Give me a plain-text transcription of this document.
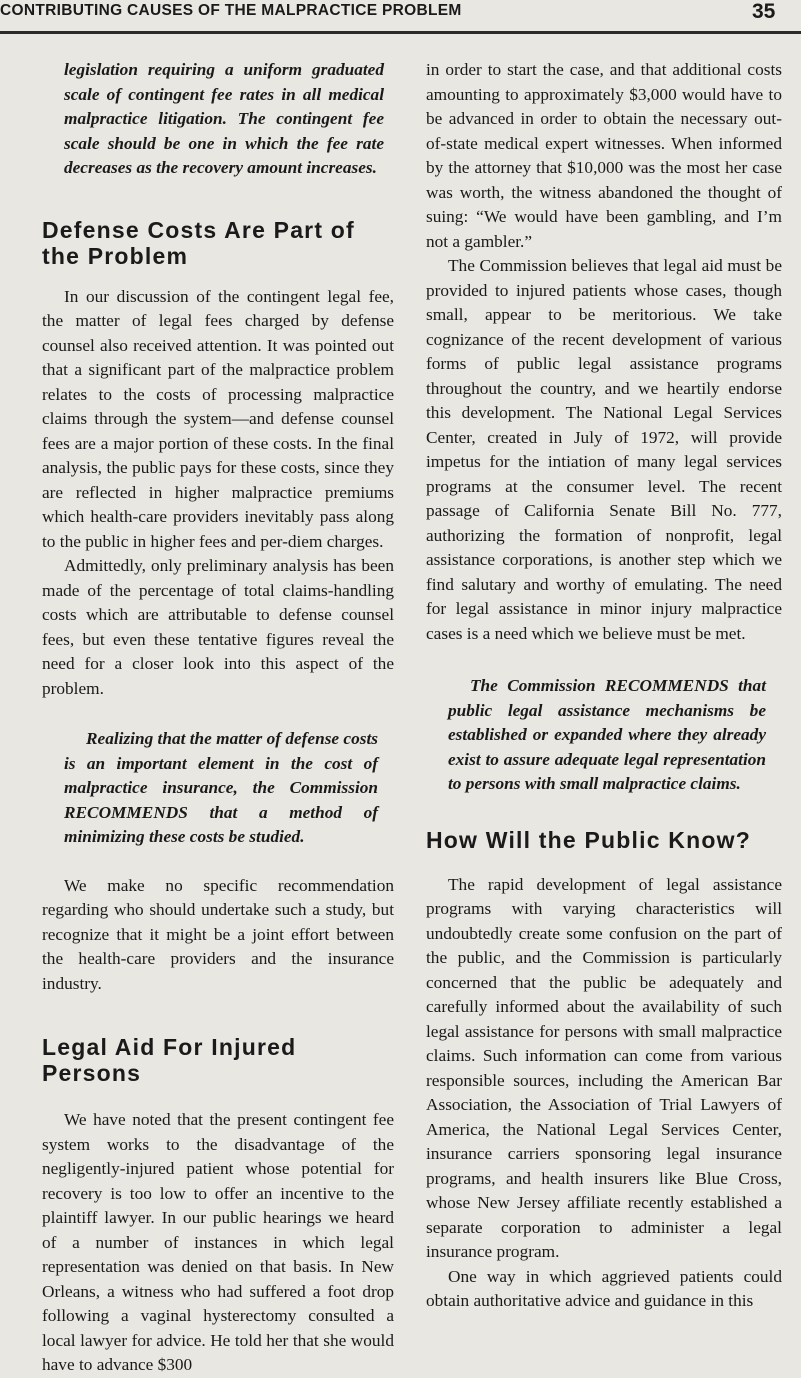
CONTRIBUTING CAUSES OF THE MALPRACTICE PROBLEM	35

legislation requiring a uniform graduated scale of contingent fee rates in all medical malpractice litigation. The contingent fee scale should be one in which the fee rate decreases as the recovery amount increases.

Defense Costs Are Part of the Problem

In our discussion of the contingent legal fee, the matter of legal fees charged by defense counsel also received attention. It was pointed out that a significant part of the malpractice problem relates to the costs of processing malpractice claims through the system—and defense counsel fees are a major portion of these costs. In the final analysis, the public pays for these costs, since they are reflected in higher malpractice premiums which health-care providers inevitably pass along to the public in higher fees and per-diem charges.

Admittedly, only preliminary analysis has been made of the percentage of total claims-handling costs which are attributable to defense counsel fees, but even these tentative figures reveal the need for a closer look into this aspect of the problem.

Realizing that the matter of defense costs is an important element in the cost of malpractice insurance, the Commission RECOMMENDS that a method of minimizing these costs be studied.

We make no specific recommendation regarding who should undertake such a study, but recognize that it might be a joint effort between the health-care providers and the insurance industry.

Legal Aid For Injured Persons

We have noted that the present contingent fee system works to the disadvantage of the negligently-injured patient whose potential for recovery is too low to offer an incentive to the plaintiff lawyer. In our public hearings we heard of a number of instances in which legal representation was denied on that basis. In New Orleans, a witness who had suffered a foot drop following a vaginal hysterectomy consulted a local lawyer for advice. He told her that she would have to advance $300

in order to start the case, and that additional costs amounting to approximately $3,000 would have to be advanced in order to obtain the necessary out-of-state medical expert witnesses. When informed by the attorney that $10,000 was the most her case was worth, the witness abandoned the thought of suing: “We would have been gambling, and I’m not a gambler.”

The Commission believes that legal aid must be provided to injured patients whose cases, though small, appear to be meritorious. We take cognizance of the recent development of various forms of public legal assistance programs throughout the country, and we heartily endorse this development. The National Legal Services Center, created in July of 1972, will provide impetus for the intiation of many legal services programs at the consumer level. The recent passage of California Senate Bill No. 777, authorizing the formation of nonprofit, legal assistance corporations, is another step which we find salutary and worthy of emulating. The need for legal assistance in minor injury malpractice cases is a need which we believe must be met.

The Commission RECOMMENDS that public legal assistance mechanisms be established or expanded where they already exist to assure adequate legal representation to persons with small malpractice claims.

How Will the Public Know?

The rapid development of legal assistance programs with varying characteristics will undoubtedly create some confusion on the part of the public, and the Commission is particularly concerned that the public be adequately and carefully informed about the availability of such legal assistance for persons with small malpractice claims. Such information can come from various responsible sources, including the American Bar Association, the Association of Trial Lawyers of America, the National Legal Services Center, insurance carriers sponsoring legal insurance programs, and health insurers like Blue Cross, whose New Jersey affiliate recently established a separate corporation to administer a legal insurance program.

One way in which aggrieved patients could obtain authoritative advice and guidance in this
